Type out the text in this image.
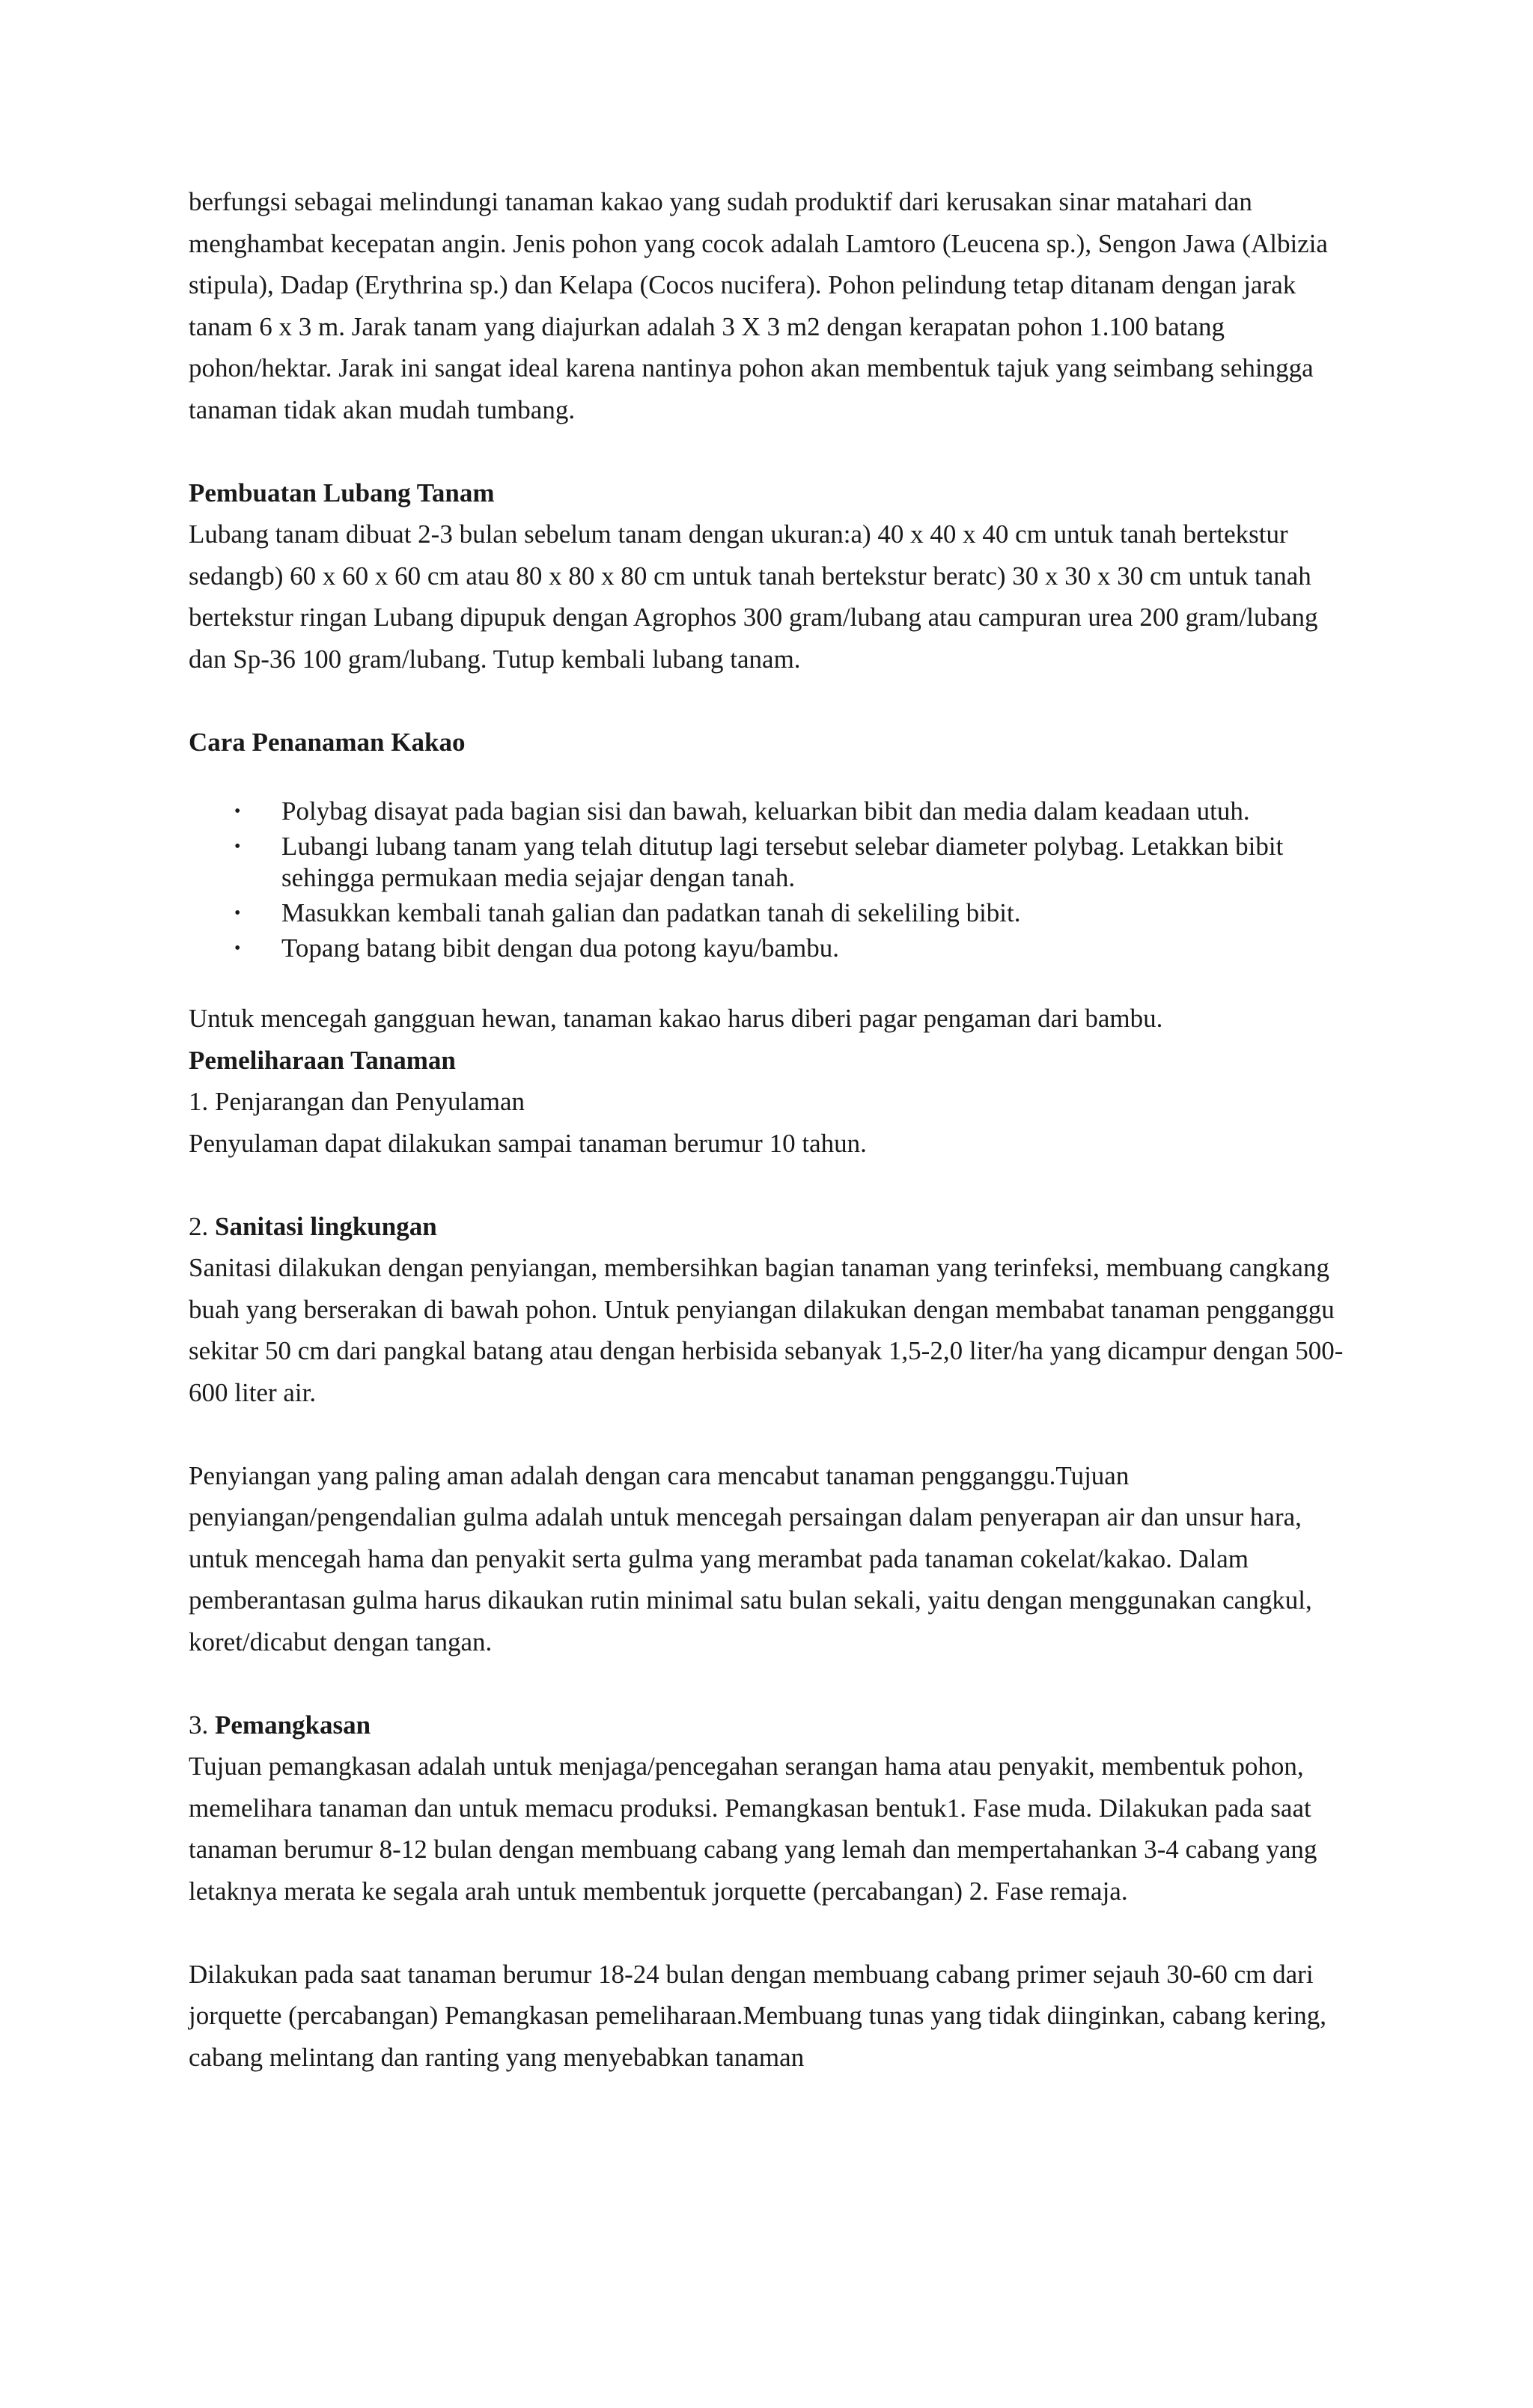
berfungsi sebagai melindungi tanaman kakao yang sudah produktif dari kerusakan sinar matahari dan menghambat kecepatan angin. Jenis pohon yang cocok adalah Lamtoro (Leucena sp.), Sengon Jawa (Albizia stipula), Dadap (Erythrina sp.) dan Kelapa (Cocos nucifera). Pohon pelindung tetap ditanam dengan jarak tanam 6 x 3 m. Jarak tanam yang diajurkan adalah 3 X 3 m2 dengan kerapatan pohon 1.100 batang pohon/hektar. Jarak ini sangat ideal karena nantinya pohon akan membentuk tajuk yang seimbang sehingga tanaman tidak akan mudah tumbang.

Pembuatan Lubang Tanam

Lubang tanam dibuat 2-3 bulan sebelum tanam dengan ukuran:a) 40 x 40 x 40 cm untuk tanah bertekstur sedangb) 60 x 60 x 60 cm atau 80 x 80 x 80 cm untuk tanah bertekstur beratc) 30 x 30 x 30 cm untuk tanah bertekstur ringan Lubang dipupuk dengan Agrophos 300 gram/lubang atau campuran urea 200 gram/lubang dan Sp-36 100 gram/lubang. Tutup kembali lubang tanam.

Cara Penanaman Kakao

• Polybag disayat pada bagian sisi dan bawah, keluarkan bibit dan media dalam keadaan utuh.
• Lubangi lubang tanam yang telah ditutup lagi tersebut selebar diameter polybag. Letakkan bibit sehingga permukaan media sejajar dengan tanah.
• Masukkan kembali tanah galian dan padatkan tanah di sekeliling bibit.
• Topang batang bibit dengan dua potong kayu/bambu.

Untuk mencegah gangguan hewan, tanaman kakao harus diberi pagar pengaman dari bambu.

Pemeliharaan Tanaman

1. Penjarangan dan Penyulaman

Penyulaman dapat dilakukan sampai tanaman berumur 10 tahun.

2. Sanitasi lingkungan

Sanitasi dilakukan dengan penyiangan, membersihkan bagian tanaman yang terinfeksi, membuang cangkang buah yang berserakan di bawah pohon. Untuk penyiangan dilakukan dengan membabat tanaman pengganggu sekitar 50 cm dari pangkal batang atau dengan herbisida sebanyak 1,5-2,0 liter/ha yang dicampur dengan 500-600 liter air.

Penyiangan yang paling aman adalah dengan cara mencabut tanaman pengganggu.Tujuan penyiangan/pengendalian gulma adalah untuk mencegah persaingan dalam penyerapan air dan unsur hara, untuk mencegah hama dan penyakit serta gulma yang merambat pada tanaman cokelat/kakao. Dalam pemberantasan gulma harus dikaukan rutin minimal satu bulan sekali, yaitu dengan menggunakan cangkul, koret/dicabut dengan tangan.

3. Pemangkasan

Tujuan pemangkasan adalah untuk menjaga/pencegahan serangan hama atau penyakit, membentuk pohon, memelihara tanaman dan untuk memacu produksi. Pemangkasan bentuk1. Fase muda. Dilakukan pada saat tanaman berumur 8-12 bulan dengan membuang cabang yang lemah dan mempertahankan 3-4 cabang yang letaknya merata ke segala arah untuk membentuk jorquette (percabangan) 2. Fase remaja.

Dilakukan pada saat tanaman berumur 18-24 bulan dengan membuang cabang primer sejauh 30-60 cm dari jorquette (percabangan) Pemangkasan pemeliharaan.Membuang tunas yang tidak diinginkan, cabang kering, cabang melintang dan ranting yang menyebabkan tanaman
